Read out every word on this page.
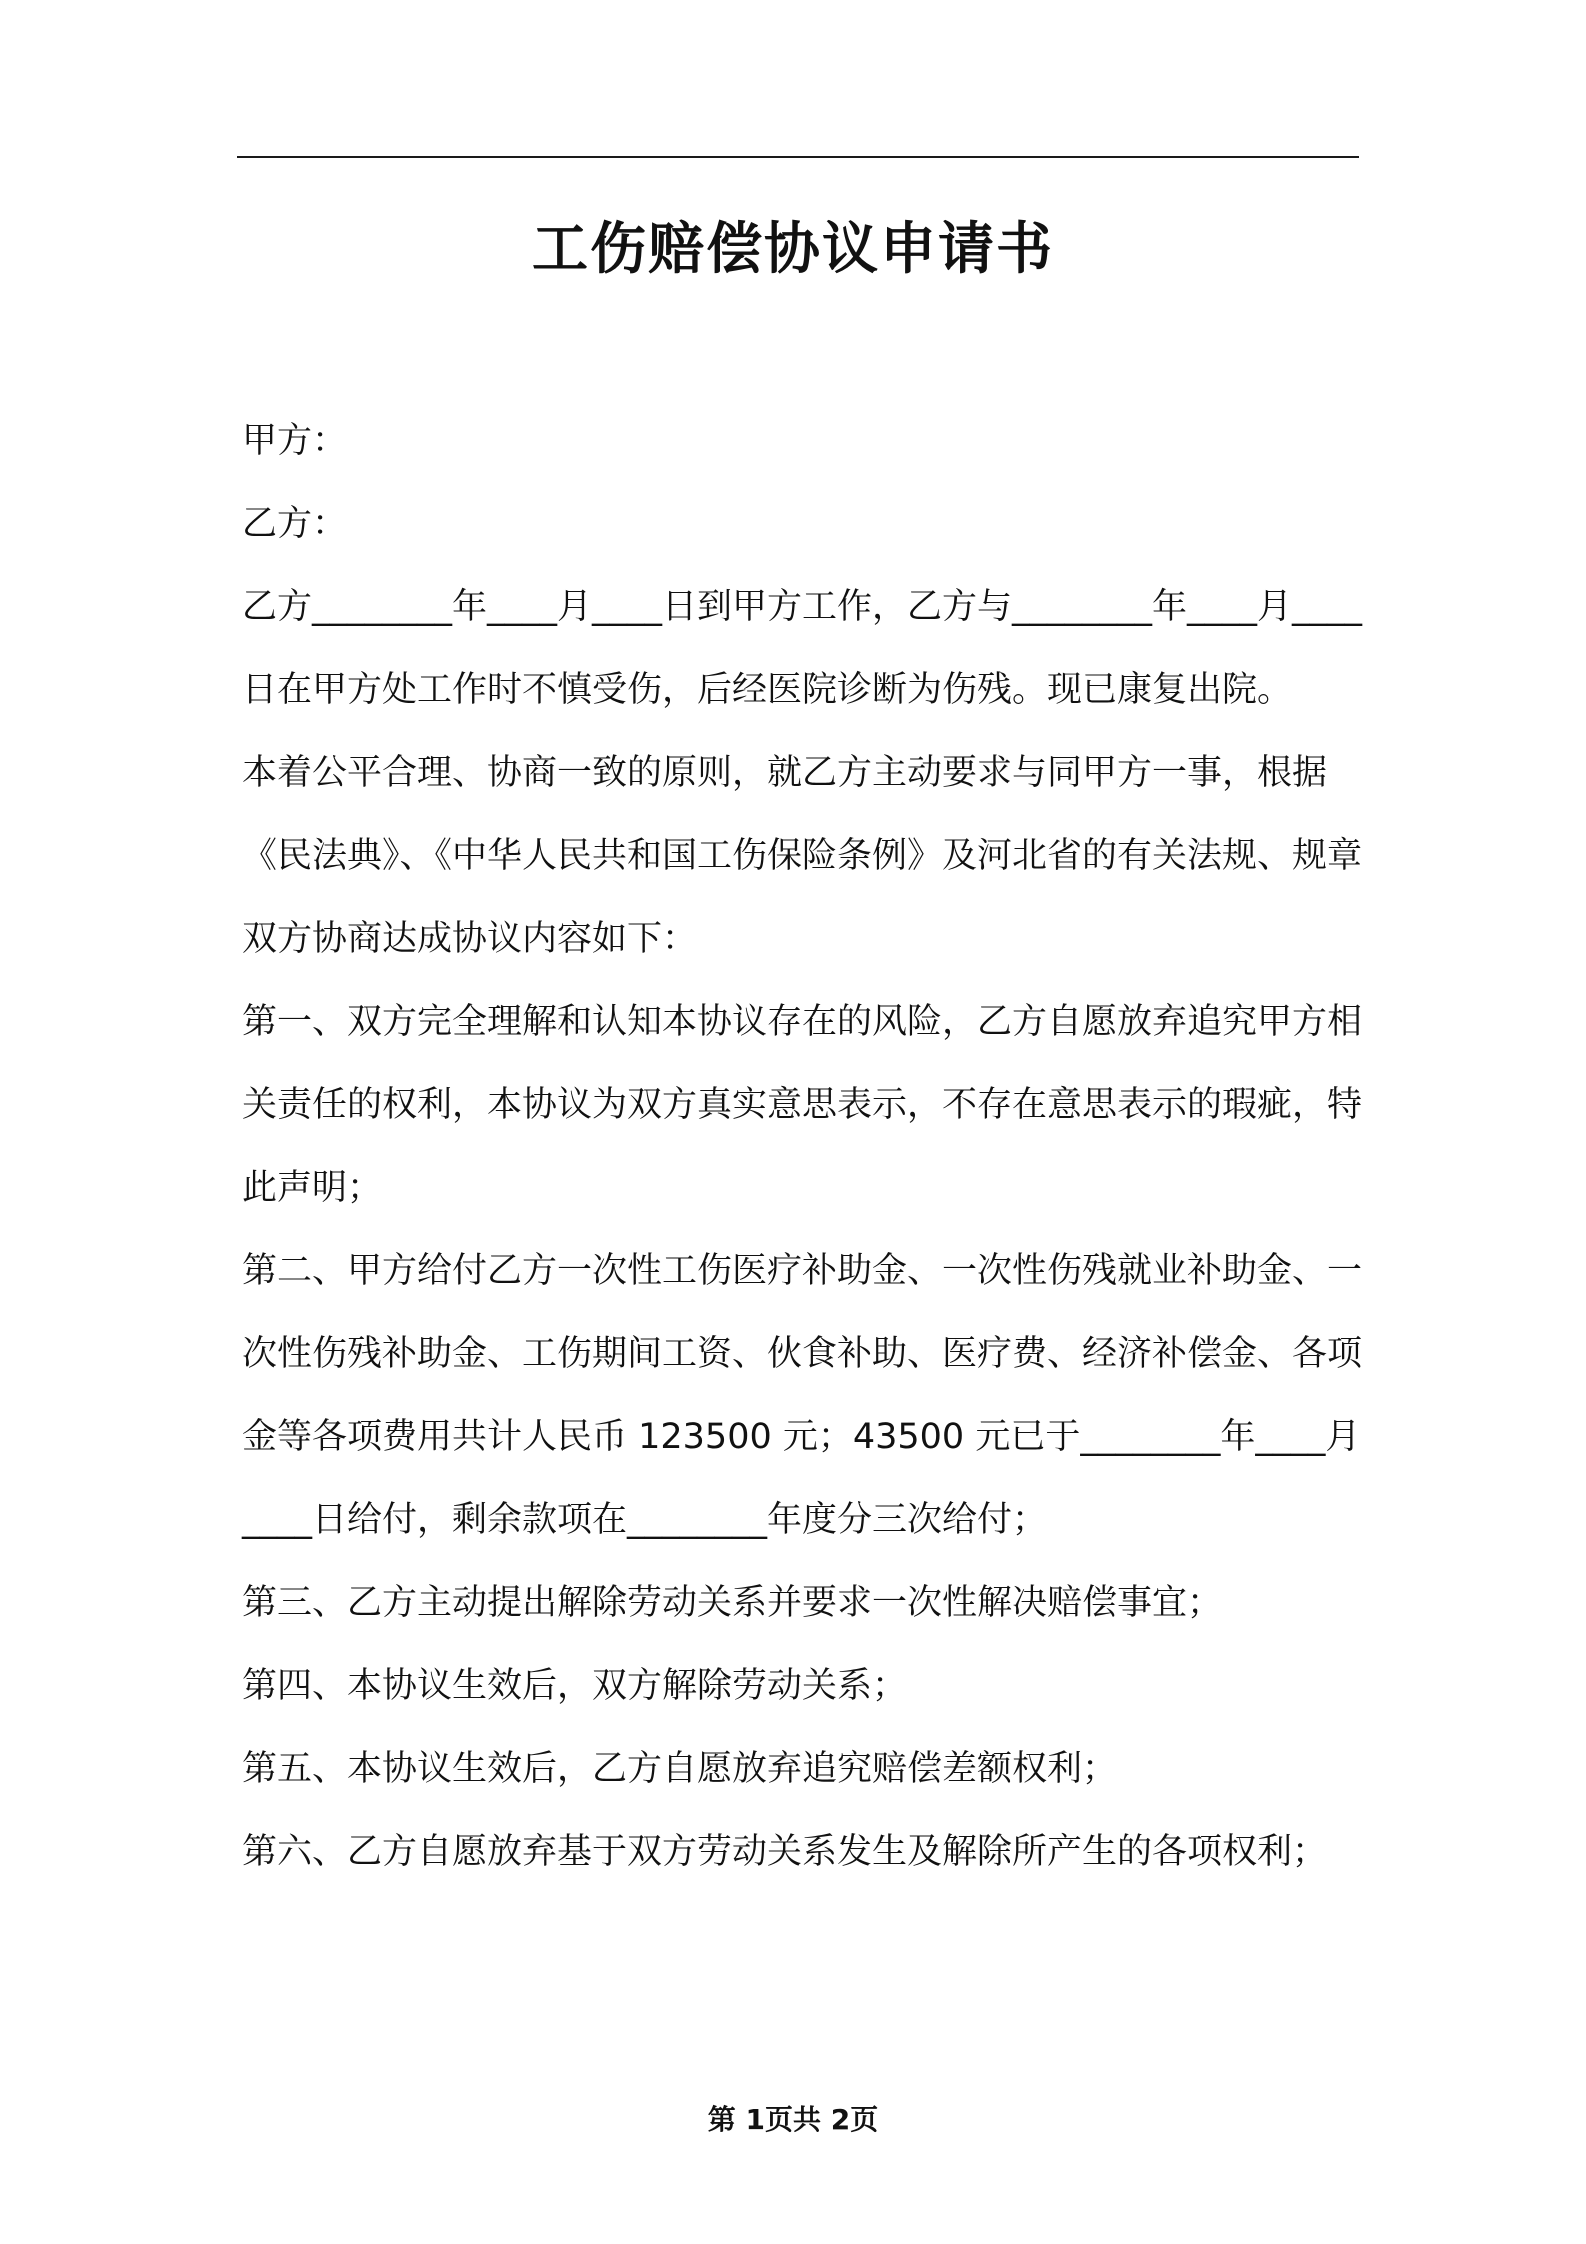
工伤赔偿协议申请书

甲方：

乙方：

乙方________年____月____日到甲方工作，乙方与________年____月____日在甲方处工作时不慎受伤，后经医院诊断为伤残。现已康复出院。

本着公平合理、协商一致的原则，就乙方主动要求与同甲方一事，根据《民法典》、《中华人民共和国工伤保险条例》及河北省的有关法规、规章双方协商达成协议内容如下：

第一、双方完全理解和认知本协议存在的风险，乙方自愿放弃追究甲方相关责任的权利，本协议为双方真实意思表示，不存在意思表示的瑕疵，特此声明；

第二、甲方给付乙方一次性工伤医疗补助金、一次性伤残就业补助金、一次性伤残补助金、工伤期间工资、伙食补助、医疗费、经济补偿金、各项金等各项费用共计人民币 123500 元；43500 元已于________年____月____日给付，剩余款项在________年度分三次给付；

第三、乙方主动提出解除劳动关系并要求一次性解决赔偿事宜；

第四、本协议生效后，双方解除劳动关系；

第五、本协议生效后，乙方自愿放弃追究赔偿差额权利；

第六、乙方自愿放弃基于双方劳动关系发生及解除所产生的各项权利；

第 1页共 2页
